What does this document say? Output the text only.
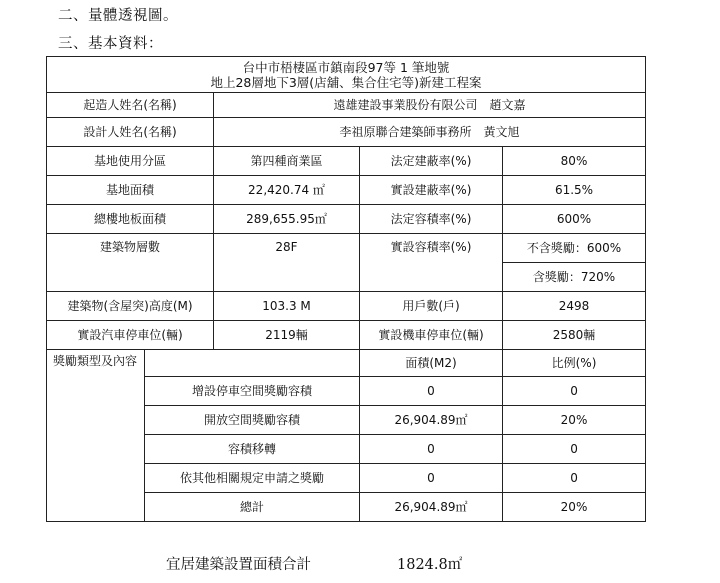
二、量體透視圖。
三、基本資料：
台中市梧棲區市鎮南段97等 1 筆地號
地上28層地下3層(店舖、集合住宅等)新建工程案				

起造人姓名(名稱)		遠雄建設事業股份有限公司　趙文嘉		
設計人姓名(名稱)		李祖原聯合建築師事務所　黃文旭		
基地使用分區		第四種商業區	法定建蔽率(%)	80%
基地面積		22,420.74 ㎡	實設建蔽率(%)	61.5%
總樓地板面積		289,655.95㎡	法定容積率(%)	600%
建築物層數		28F	實設容積率(%)	不含獎勵：600%
				含獎勵：720%
建築物(含屋突)高度(M)		103.3 M	用戶數(戶)	2498
實設汽車停車位(輛)		2119輛	實設機車停車位(輛)	2580輛
獎勵類型及內容			面積(M2)	比例(%)
	增設停車空間獎勵容積		0	0
	開放空間獎勵容積		26,904.89㎡	20%
	容積移轉		0	0
	依其他相關規定申請之獎勵		0	0
	總計		26,904.89㎡	20%
宜居建築設置面積合計	1824.8㎡
